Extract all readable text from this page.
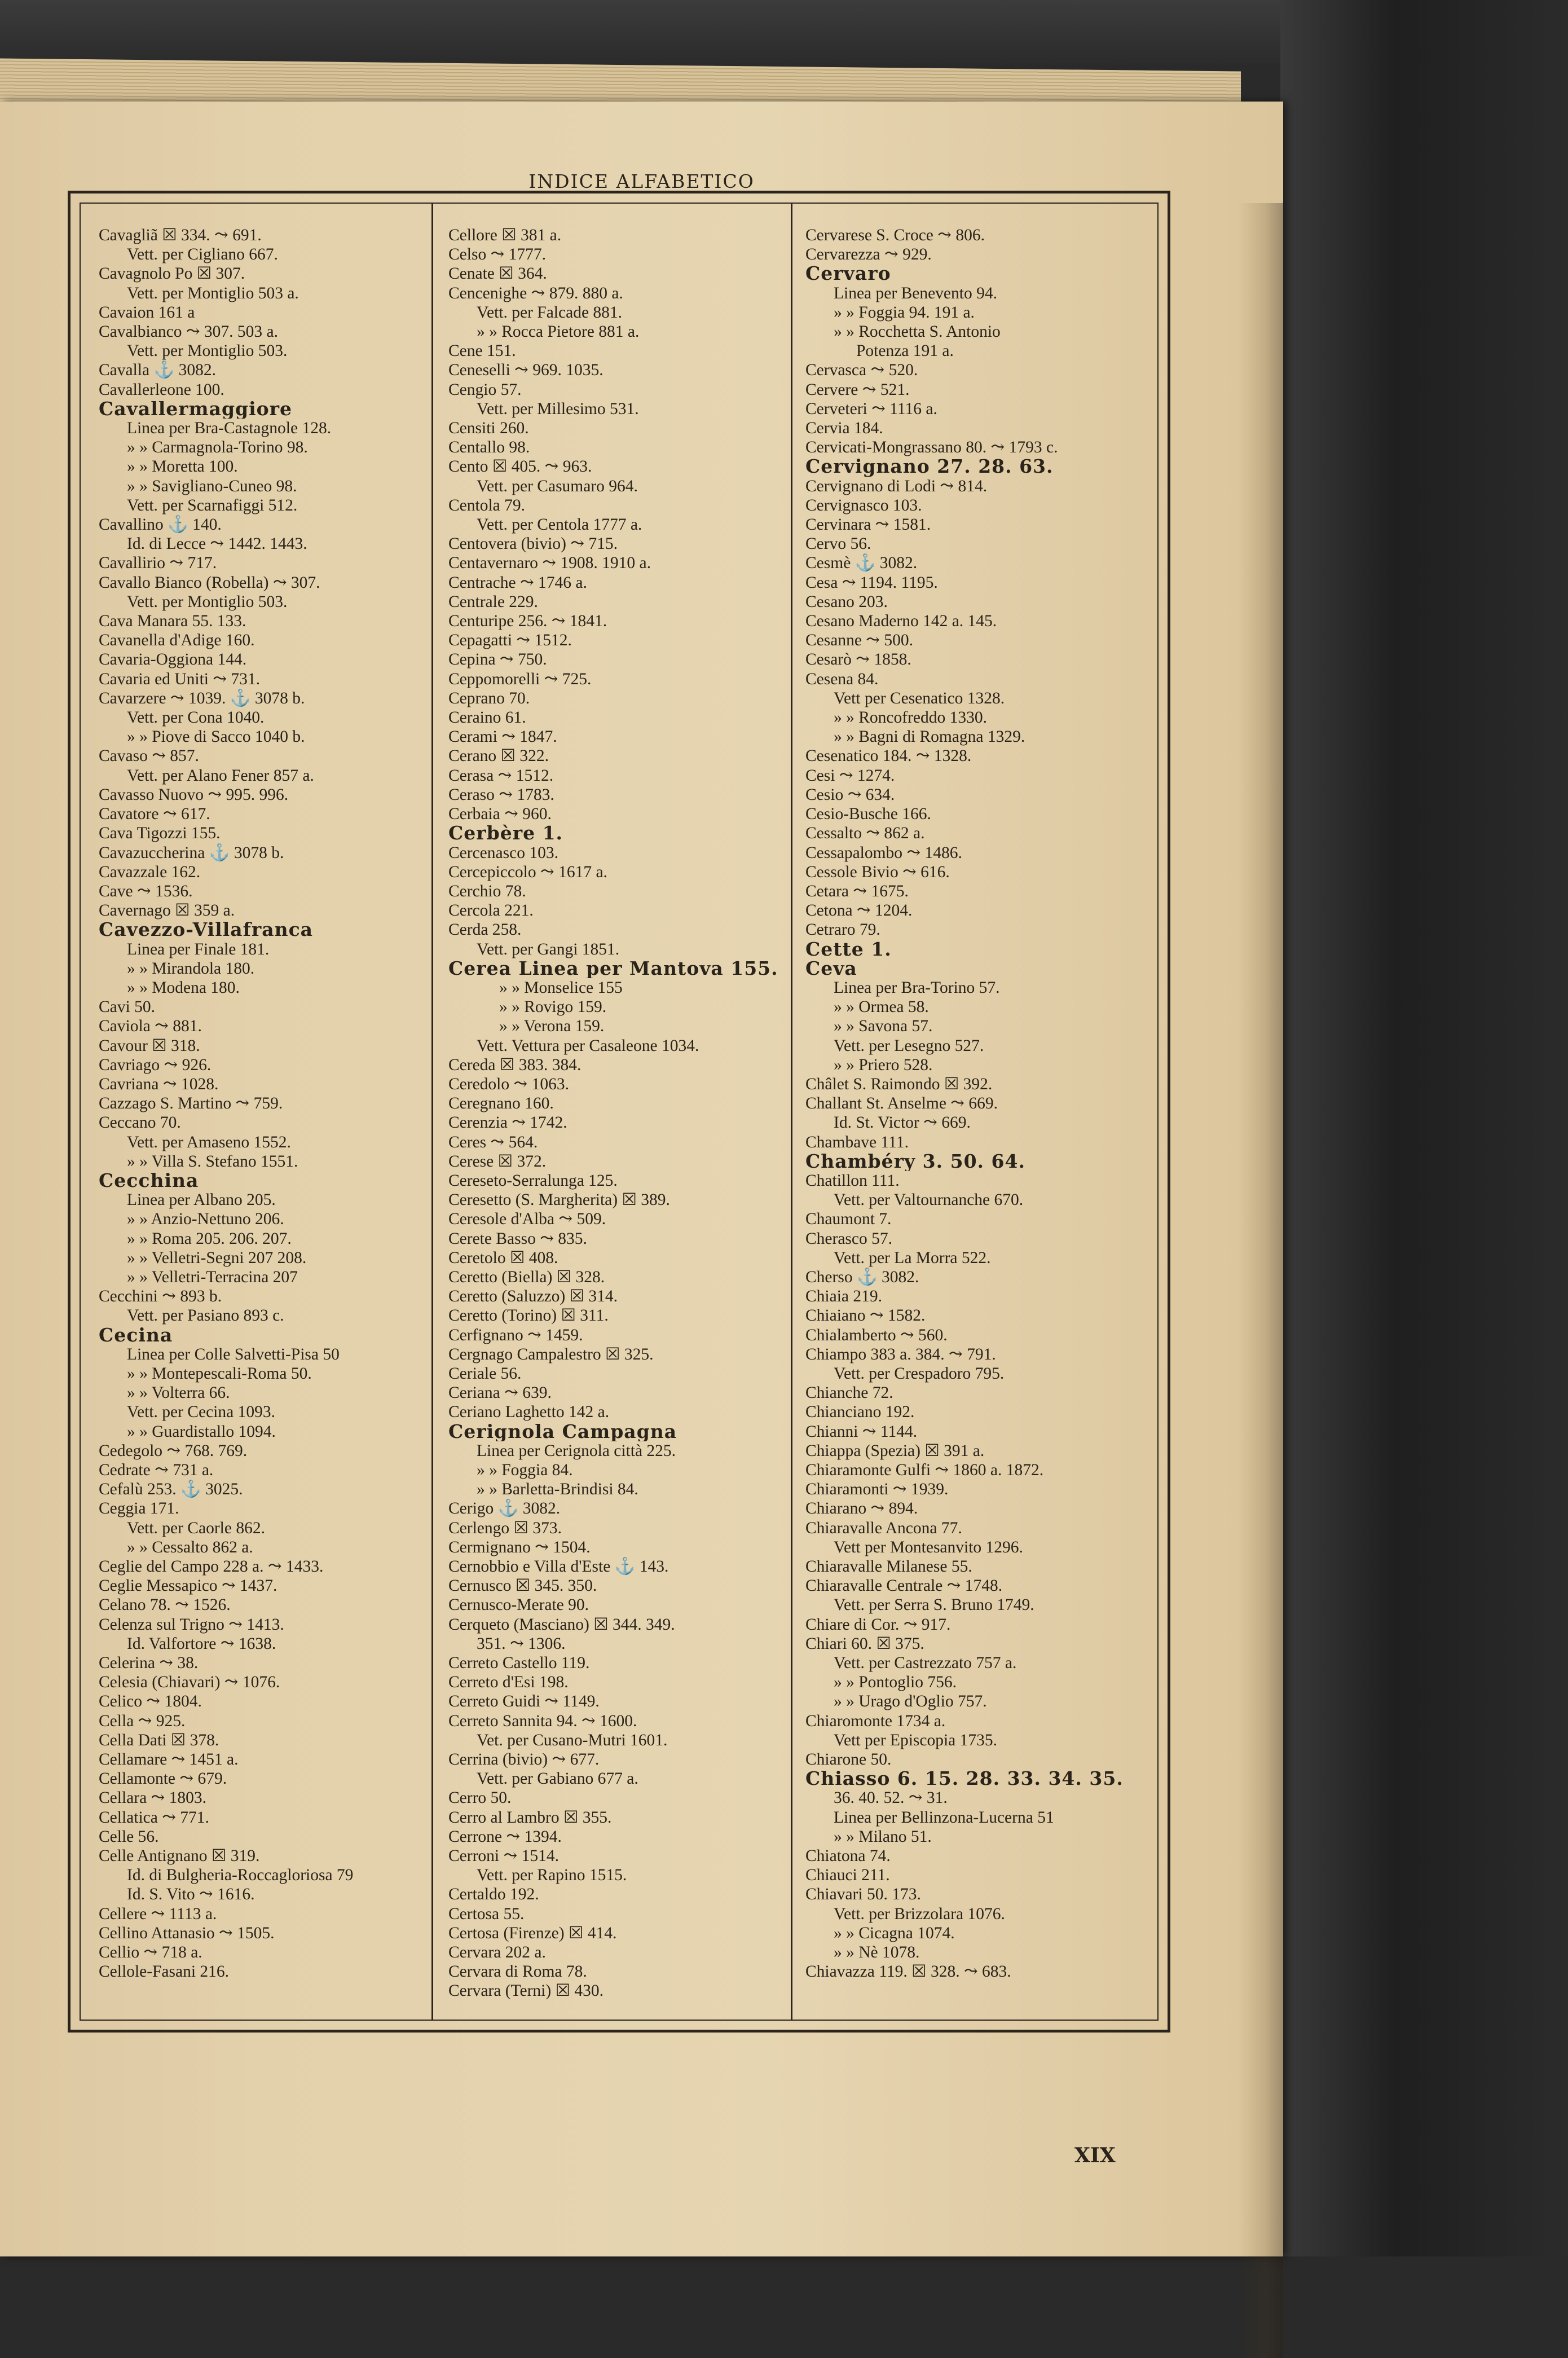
INDICE ALFABETICO
Cavagliã ☒ 334. ⤳ 691.
Vett. per Cigliano 667.
Cavagnolo Po ☒ 307.
Vett. per Montiglio 503 a.
Cavaion 161 a
Cavalbianco ⤳ 307. 503 a.
Vett. per Montiglio 503.
Cavalla ⚓ 3082.
Cavallerleone 100.
Cavallermaggiore
Linea per Bra-Castagnole 128.
» » Carmagnola-Torino 98.
» » Moretta 100.
» » Savigliano-Cuneo 98.
Vett. per Scarnafiggi 512.
Cavallino ⚓ 140.
Id. di Lecce ⤳ 1442. 1443.
Cavallirio ⤳ 717.
Cavallo Bianco (Robella) ⤳ 307.
Vett. per Montiglio 503.
Cava Manara 55. 133.
Cavanella d'Adige 160.
Cavaria-Oggiona 144.
Cavaria ed Uniti ⤳ 731.
Cavarzere ⤳ 1039. ⚓ 3078 b.
Vett. per Cona 1040.
» » Piove di Sacco 1040 b.
Cavaso ⤳ 857.
Vett. per Alano Fener 857 a.
Cavasso Nuovo ⤳ 995. 996.
Cavatore ⤳ 617.
Cava Tigozzi 155.
Cavazuccherina ⚓ 3078 b.
Cavazzale 162.
Cave ⤳ 1536.
Cavernago ☒ 359 a.
Cavezzo-Villafranca
Linea per Finale 181.
» » Mirandola 180.
» » Modena 180.
Cavi 50.
Caviola ⤳ 881.
Cavour ☒ 318.
Cavriago ⤳ 926.
Cavriana ⤳ 1028.
Cazzago S. Martino ⤳ 759.
Ceccano 70.
Vett. per Amaseno 1552.
» » Villa S. Stefano 1551.
Cecchina
Linea per Albano 205.
» » Anzio-Nettuno 206.
» » Roma 205. 206. 207.
» » Velletri-Segni 207 208.
» » Velletri-Terracina 207
Cecchini ⤳ 893 b.
Vett. per Pasiano 893 c.
Cecina
Linea per Colle Salvetti-Pisa 50
» » Montepescali-Roma 50.
» » Volterra 66.
Vett. per Cecina 1093.
» » Guardistallo 1094.
Cedegolo ⤳ 768. 769.
Cedrate ⤳ 731 a.
Cefalù 253. ⚓ 3025.
Ceggia 171.
Vett. per Caorle 862.
» » Cessalto 862 a.
Ceglie del Campo 228 a. ⤳ 1433.
Ceglie Messapico ⤳ 1437.
Celano 78. ⤳ 1526.
Celenza sul Trigno ⤳ 1413.
Id. Valfortore ⤳ 1638.
Celerina ⤳ 38.
Celesia (Chiavari) ⤳ 1076.
Celico ⤳ 1804.
Cella ⤳ 925.
Cella Dati ☒ 378.
Cellamare ⤳ 1451 a.
Cellamonte ⤳ 679.
Cellara ⤳ 1803.
Cellatica ⤳ 771.
Celle 56.
Celle Antignano ☒ 319.
Id. di Bulgheria-Roccagloriosa 79
Id. S. Vito ⤳ 1616.
Cellere ⤳ 1113 a.
Cellino Attanasio ⤳ 1505.
Cellio ⤳ 718 a.
Cellole-Fasani 216.
Cellore ☒ 381 a.
Celso ⤳ 1777.
Cenate ☒ 364.
Cencenighe ⤳ 879. 880 a.
Vett. per Falcade 881.
» » Rocca Pietore 881 a.
Cene 151.
Ceneselli ⤳ 969. 1035.
Cengio 57.
Vett. per Millesimo 531.
Censiti 260.
Centallo 98.
Cento ☒ 405. ⤳ 963.
Vett. per Casumaro 964.
Centola 79.
Vett. per Centola 1777 a.
Centovera (bivio) ⤳ 715.
Centavernaro ⤳ 1908. 1910 a.
Centrache ⤳ 1746 a.
Centrale 229.
Centuripe 256. ⤳ 1841.
Cepagatti ⤳ 1512.
Cepina ⤳ 750.
Ceppomorelli ⤳ 725.
Ceprano 70.
Ceraino 61.
Cerami ⤳ 1847.
Cerano ☒ 322.
Cerasa ⤳ 1512.
Ceraso ⤳ 1783.
Cerbaia ⤳ 960.
Cerbère 1.
Cercenasco 103.
Cercepiccolo ⤳ 1617 a.
Cerchio 78.
Cercola 221.
Cerda 258.
Vett. per Gangi 1851.
Cerea Linea per Mantova 155.
» » Monselice 155
» » Rovigo 159.
» » Verona 159.
Vett. Vettura per Casaleone 1034.
Cereda ☒ 383. 384.
Ceredolo ⤳ 1063.
Ceregnano 160.
Cerenzia ⤳ 1742.
Ceres ⤳ 564.
Cerese ☒ 372.
Cereseto-Serralunga 125.
Ceresetto (S. Margherita) ☒ 389.
Ceresole d'Alba ⤳ 509.
Cerete Basso ⤳ 835.
Ceretolo ☒ 408.
Ceretto (Biella) ☒ 328.
Ceretto (Saluzzo) ☒ 314.
Ceretto (Torino) ☒ 311.
Cerfignano ⤳ 1459.
Cergnago Campalestro ☒ 325.
Ceriale 56.
Ceriana ⤳ 639.
Ceriano Laghetto 142 a.
Cerignola Campagna
Linea per Cerignola città 225.
» » Foggia 84.
» » Barletta-Brindisi 84.
Cerigo ⚓ 3082.
Cerlengo ☒ 373.
Cermignano ⤳ 1504.
Cernobbio e Villa d'Este ⚓ 143.
Cernusco ☒ 345. 350.
Cernusco-Merate 90.
Cerqueto (Masciano) ☒ 344. 349.
351. ⤳ 1306.
Cerreto Castello 119.
Cerreto d'Esi 198.
Cerreto Guidi ⤳ 1149.
Cerreto Sannita 94. ⤳ 1600.
Vet. per Cusano-Mutri 1601.
Cerrina (bivio) ⤳ 677.
Vett. per Gabiano 677 a.
Cerro 50.
Cerro al Lambro ☒ 355.
Cerrone ⤳ 1394.
Cerroni ⤳ 1514.
Vett. per Rapino 1515.
Certaldo 192.
Certosa 55.
Certosa (Firenze) ☒ 414.
Cervara 202 a.
Cervara di Roma 78.
Cervara (Terni) ☒ 430.
Cervarese S. Croce ⤳ 806.
Cervarezza ⤳ 929.
Cervaro
Linea per Benevento 94.
» » Foggia 94. 191 a.
» » Rocchetta S. Antonio
Potenza 191 a.
Cervasca ⤳ 520.
Cervere ⤳ 521.
Cerveteri ⤳ 1116 a.
Cervia 184.
Cervicati-Mongrassano 80. ⤳ 1793 c.
Cervignano 27. 28. 63.
Cervignano di Lodi ⤳ 814.
Cervignasco 103.
Cervinara ⤳ 1581.
Cervo 56.
Cesmè ⚓ 3082.
Cesa ⤳ 1194. 1195.
Cesano 203.
Cesano Maderno 142 a. 145.
Cesanne ⤳ 500.
Cesarò ⤳ 1858.
Cesena 84.
Vett per Cesenatico 1328.
» » Roncofreddo 1330.
» » Bagni di Romagna 1329.
Cesenatico 184. ⤳ 1328.
Cesi ⤳ 1274.
Cesio ⤳ 634.
Cesio-Busche 166.
Cessalto ⤳ 862 a.
Cessapalombo ⤳ 1486.
Cessole Bivio ⤳ 616.
Cetara ⤳ 1675.
Cetona ⤳ 1204.
Cetraro 79.
Cette 1.
Ceva
Linea per Bra-Torino 57.
» » Ormea 58.
» » Savona 57.
Vett. per Lesegno 527.
» » Priero 528.
Châlet S. Raimondo ☒ 392.
Challant St. Anselme ⤳ 669.
Id. St. Victor ⤳ 669.
Chambave 111.
Chambéry 3. 50. 64.
Chatillon 111.
Vett. per Valtournanche 670.
Chaumont 7.
Cherasco 57.
Vett. per La Morra 522.
Cherso ⚓ 3082.
Chiaia 219.
Chiaiano ⤳ 1582.
Chialamberto ⤳ 560.
Chiampo 383 a. 384. ⤳ 791.
Vett. per Crespadoro 795.
Chianche 72.
Chianciano 192.
Chianni ⤳ 1144.
Chiappa (Spezia) ☒ 391 a.
Chiaramonte Gulfi ⤳ 1860 a. 1872.
Chiaramonti ⤳ 1939.
Chiarano ⤳ 894.
Chiaravalle Ancona 77.
Vett per Montesanvito 1296.
Chiaravalle Milanese 55.
Chiaravalle Centrale ⤳ 1748.
Vett. per Serra S. Bruno 1749.
Chiare di Cor. ⤳ 917.
Chiari 60. ☒ 375.
Vett. per Castrezzato 757 a.
» » Pontoglio 756.
» » Urago d'Oglio 757.
Chiaromonte 1734 a.
Vett per Episcopia 1735.
Chiarone 50.
Chiasso 6. 15. 28. 33. 34. 35.
36. 40. 52. ⤳ 31.
Linea per Bellinzona-Lucerna 51
» » Milano 51.
Chiatona 74.
Chiauci 211.
Chiavari 50. 173.
Vett. per Brizzolara 1076.
» » Cicagna 1074.
» » Nè 1078.
Chiavazza 119. ☒ 328. ⤳ 683.
XIX
